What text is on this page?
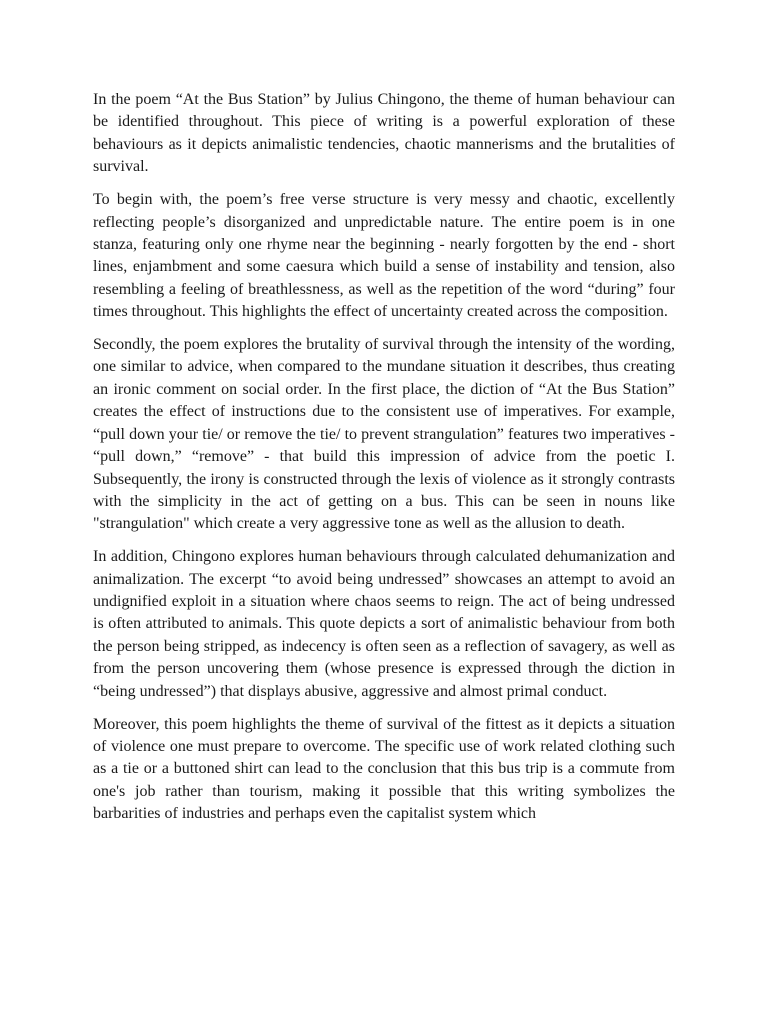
In the poem “At the Bus Station” by Julius Chingono, the theme of human behaviour can be identified throughout. This piece of writing is a powerful exploration of these behaviours as it depicts animalistic tendencies, chaotic mannerisms and the brutalities of survival.

To begin with, the poem’s free verse structure is very messy and chaotic, excellently reflecting people’s disorganized and unpredictable nature. The entire poem is in one stanza, featuring only one rhyme near the beginning - nearly forgotten by the end - short lines, enjambment and some caesura which build a sense of instability and tension, also resembling a feeling of breathlessness, as well as the repetition of the word “during” four times throughout. This highlights the effect of uncertainty created across the composition.

Secondly, the poem explores the brutality of survival through the intensity of the wording, one similar to advice, when compared to the mundane situation it describes, thus creating an ironic comment on social order. In the first place, the diction of “At the Bus Station” creates the effect of instructions due to the consistent use of imperatives. For example, “pull down your tie/ or remove the tie/ to prevent strangulation” features two imperatives - “pull down,” “remove” - that build this impression of advice from the poetic I. Subsequently, the irony is constructed through the lexis of violence as it strongly contrasts with the simplicity in the act of getting on a bus. This can be seen in nouns like "strangulation" which create a very aggressive tone as well as the allusion to death.

In addition, Chingono explores human behaviours through calculated dehumanization and animalization. The excerpt “to avoid being undressed” showcases an attempt to avoid an undignified exploit in a situation where chaos seems to reign. The act of being undressed is often attributed to animals. This quote depicts a sort of animalistic behaviour from both the person being stripped, as indecency is often seen as a reflection of savagery, as well as from the person uncovering them (whose presence is expressed through the diction in “being undressed”) that displays abusive, aggressive and almost primal conduct.

Moreover, this poem highlights the theme of survival of the fittest as it depicts a situation of violence one must prepare to overcome. The specific use of work related clothing such as a tie or a buttoned shirt can lead to the conclusion that this bus trip is a commute from one's job rather than tourism, making it possible that this writing symbolizes the barbarities of industries and perhaps even the capitalist system which
